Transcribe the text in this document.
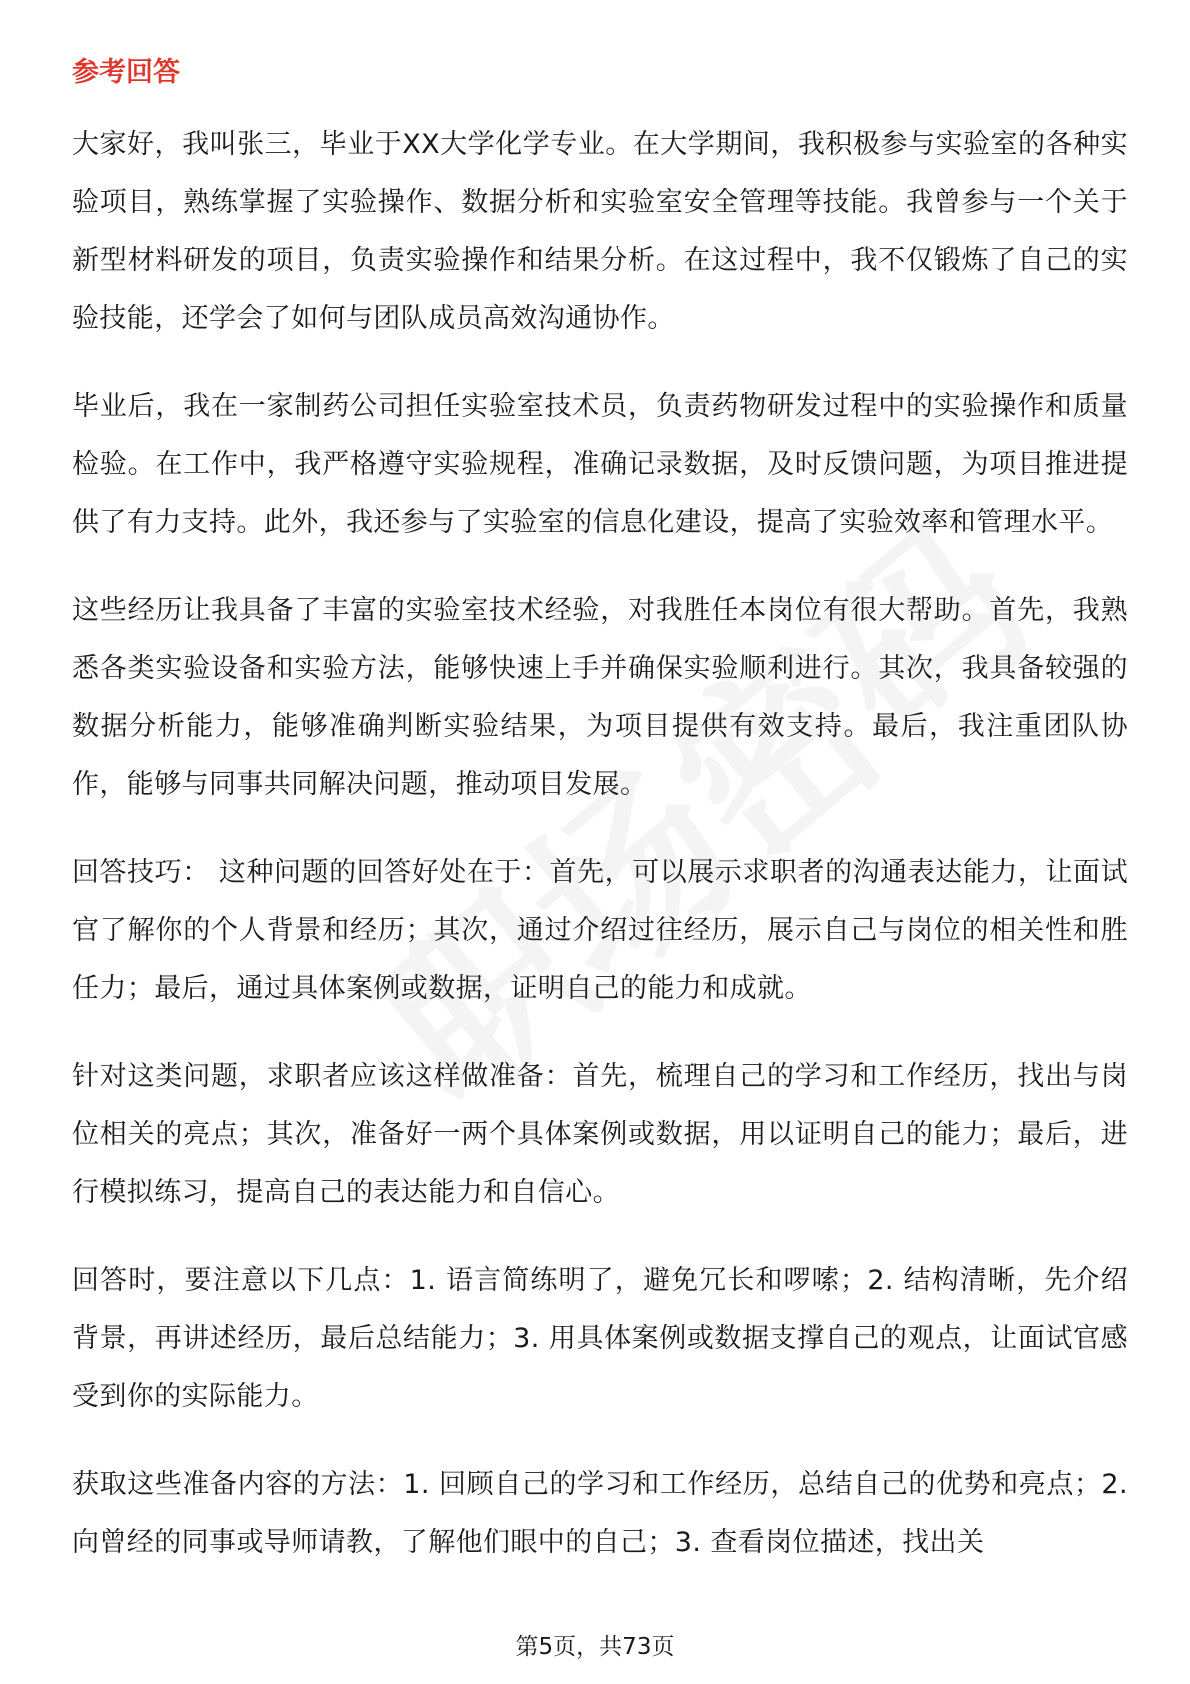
参考回答

大家好，我叫张三，毕业于XX大学化学专业。在大学期间，我积极参与实验室的各种实验项目，熟练掌握了实验操作、数据分析和实验室安全管理等技能。我曾参与一个关于新型材料研发的项目，负责实验操作和结果分析。在这过程中，我不仅锻炼了自己的实验技能，还学会了如何与团队成员高效沟通协作。

毕业后，我在一家制药公司担任实验室技术员，负责药物研发过程中的实验操作和质量检验。在工作中，我严格遵守实验规程，准确记录数据，及时反馈问题，为项目推进提供了有力支持。此外，我还参与了实验室的信息化建设，提高了实验效率和管理水平。

这些经历让我具备了丰富的实验室技术经验，对我胜任本岗位有很大帮助。首先，我熟悉各类实验设备和实验方法，能够快速上手并确保实验顺利进行。其次，我具备较强的数据分析能力，能够准确判断实验结果，为项目提供有效支持。最后，我注重团队协作，能够与同事共同解决问题，推动项目发展。

回答技巧： 这种问题的回答好处在于：首先，可以展示求职者的沟通表达能力，让面试官了解你的个人背景和经历；其次，通过介绍过往经历，展示自己与岗位的相关性和胜任力；最后，通过具体案例或数据，证明自己的能力和成就。

针对这类问题，求职者应该这样做准备：首先，梳理自己的学习和工作经历，找出与岗位相关的亮点；其次，准备好一两个具体案例或数据，用以证明自己的能力；最后，进行模拟练习，提高自己的表达能力和自信心。

回答时，要注意以下几点：1. 语言简练明了，避免冗长和啰嗦；2. 结构清晰，先介绍背景，再讲述经历，最后总结能力；3. 用具体案例或数据支撑自己的观点，让面试官感受到你的实际能力。

获取这些准备内容的方法：1. 回顾自己的学习和工作经历，总结自己的优势和亮点；2. 向曾经的同事或导师请教，了解他们眼中的自己；3. 查看岗位描述，找出关

第5页，共73页
